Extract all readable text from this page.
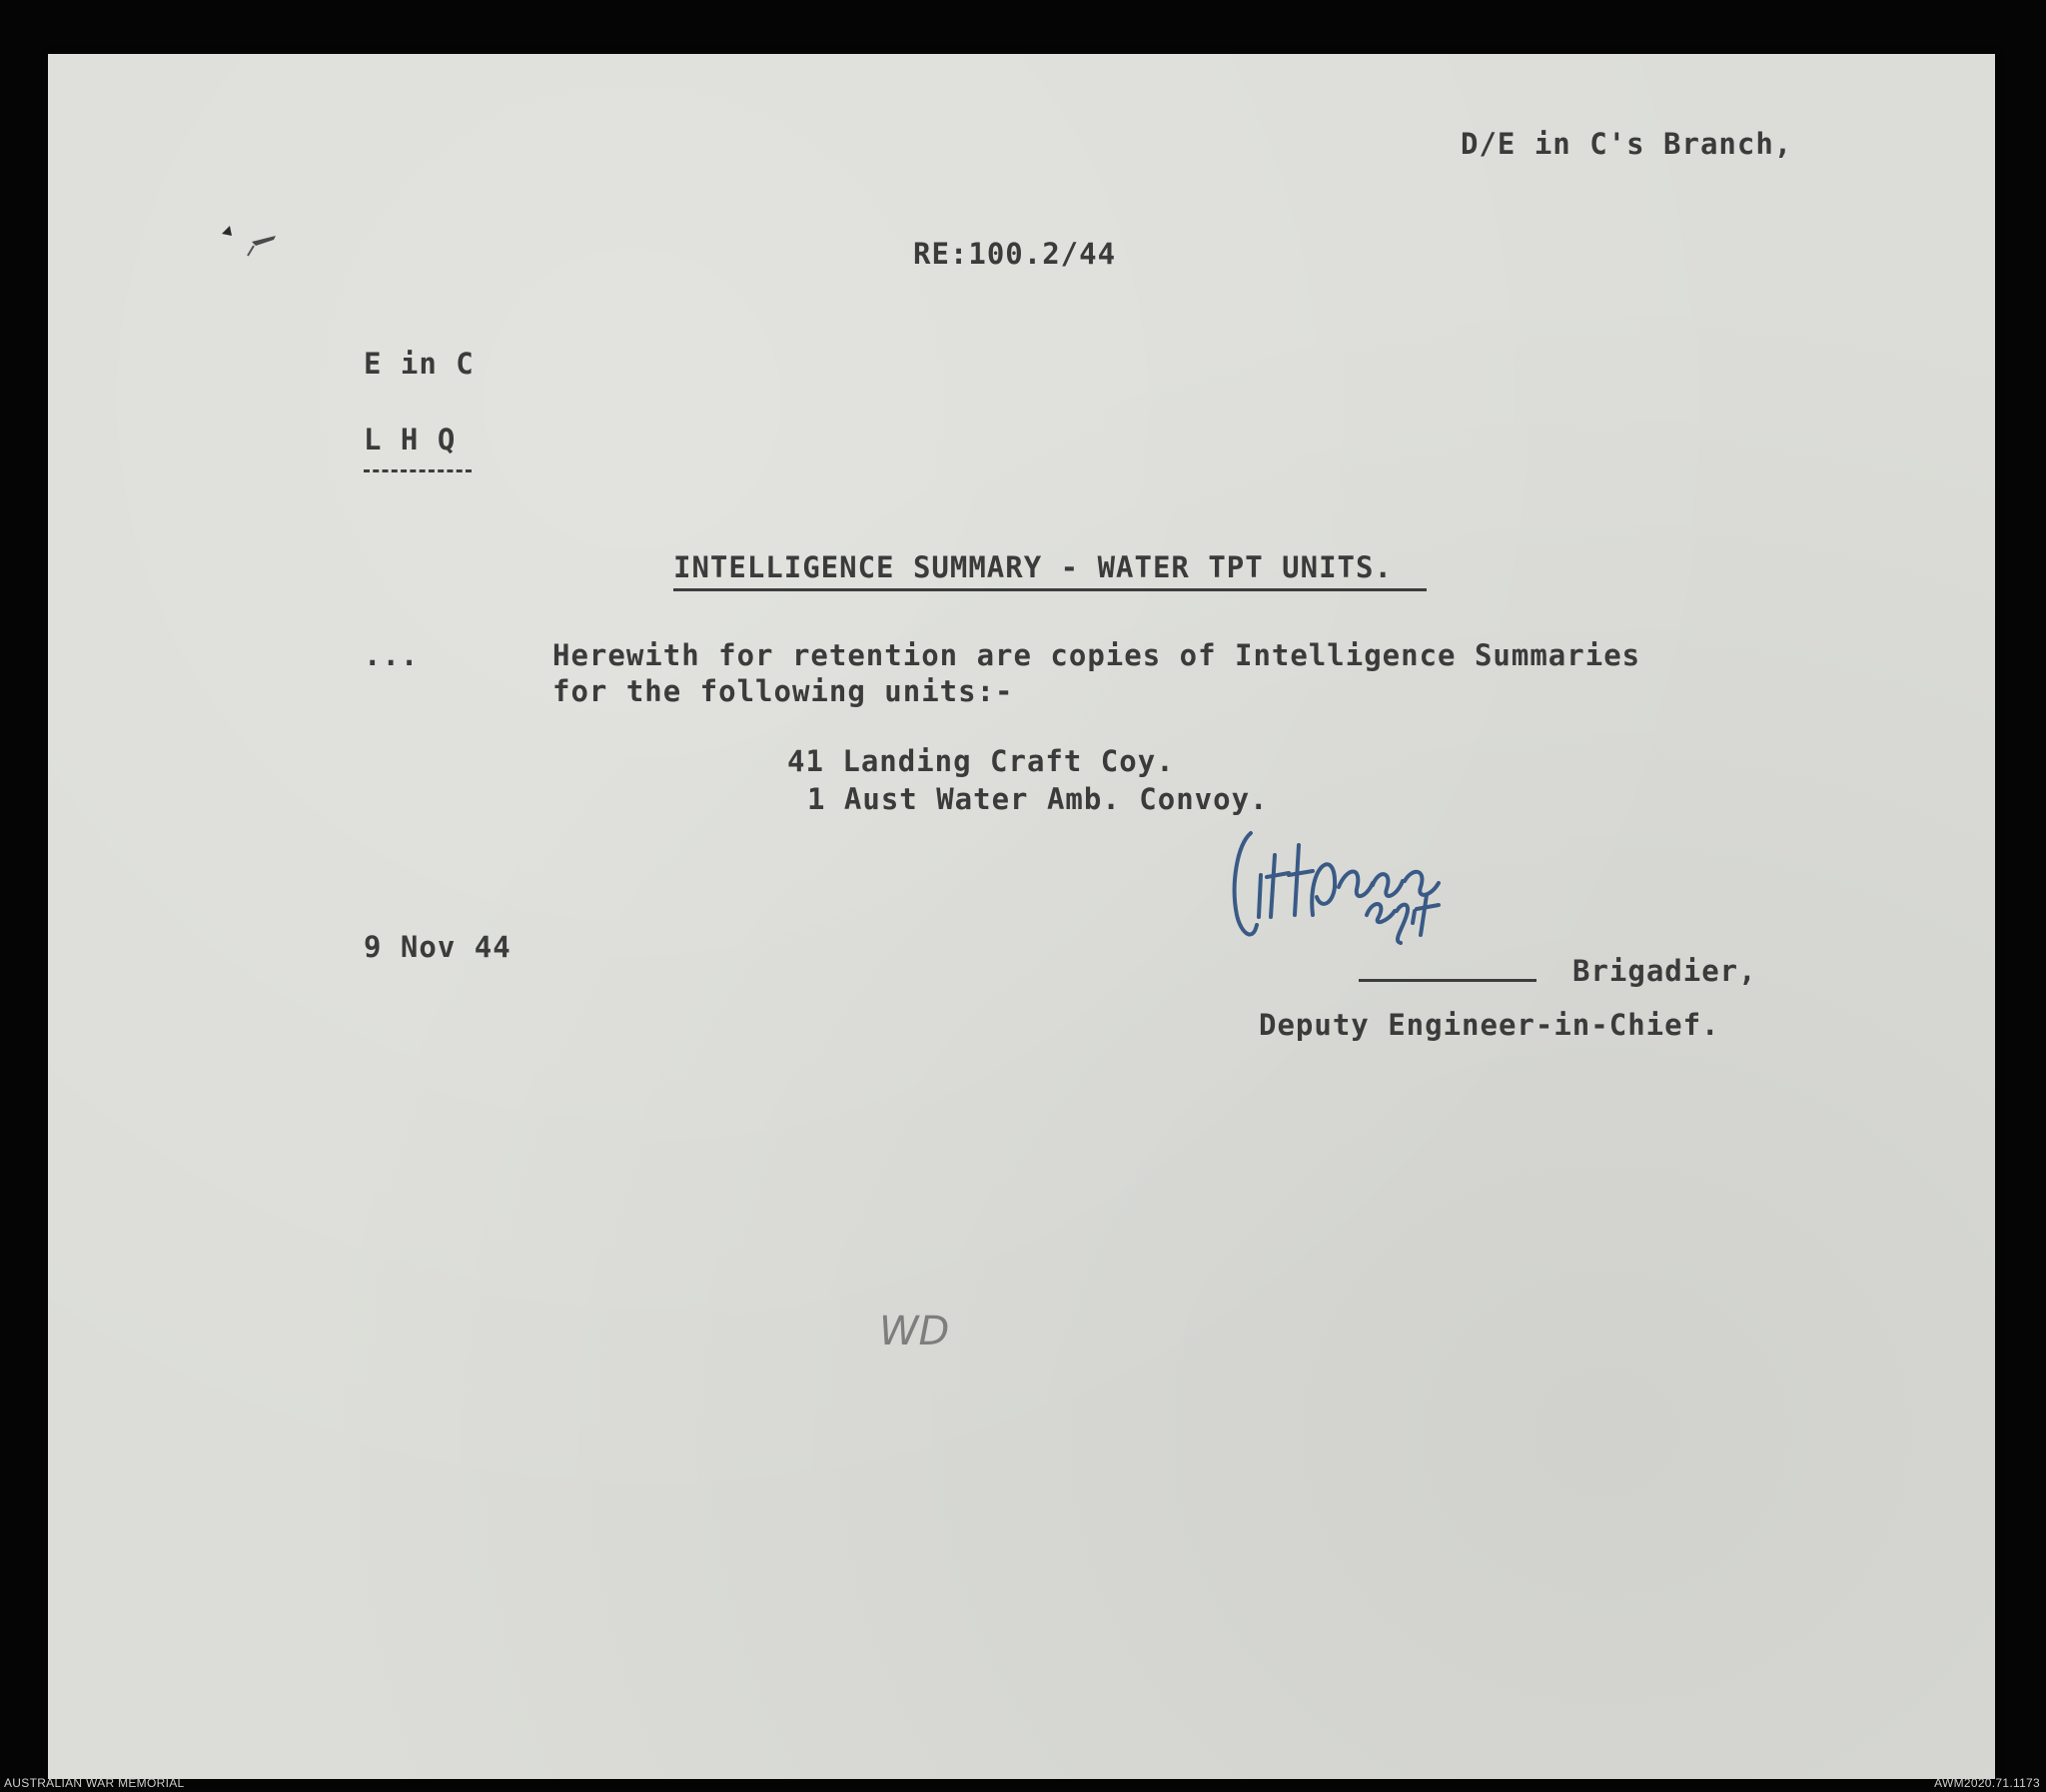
D/E in C's Branch,
RE:100.2/44
E in C
L H Q
INTELLIGENCE SUMMARY - WATER TPT UNITS.
...	Herewith for retention are copies of Intelligence Summaries
for the following units:-
41 Landing Craft Coy.
1 Aust Water Amb. Convoy.
9 Nov 44
Brigadier,
Deputy Engineer-in-Chief.
WD
AUSTRALIAN WAR MEMORIAL	AWM2020.71.1173
